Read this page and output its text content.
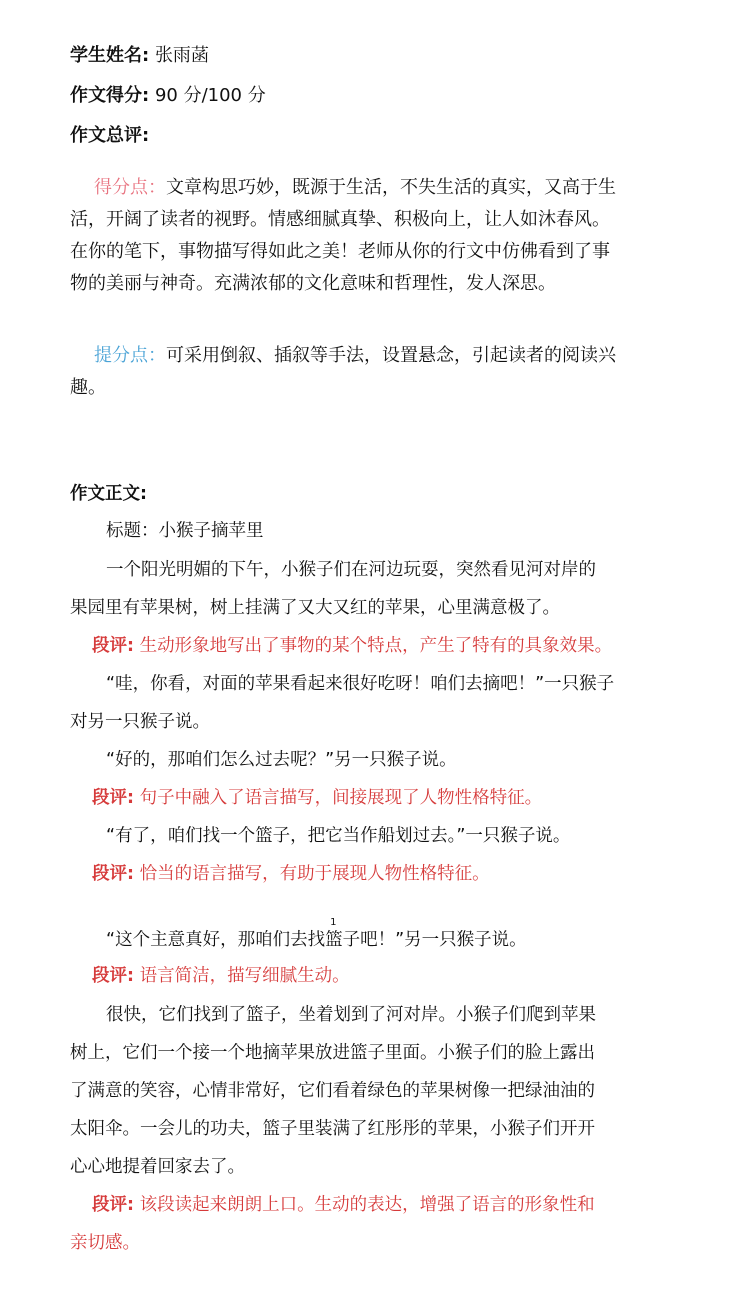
学生姓名: 张雨菡
作文得分: 90 分/100 分
作文总评:
得分点：文章构思巧妙，既源于生活，不失生活的真实，又高于生
活，开阔了读者的视野。情感细腻真挚、积极向上，让人如沐春风。
在你的笔下，事物描写得如此之美！老师从你的行文中仿佛看到了事
物的美丽与神奇。充满浓郁的文化意味和哲理性，发人深思。
提分点：可采用倒叙、插叙等手法，设置悬念，引起读者的阅读兴
趣。
作文正文:
标题：小猴子摘苹里
一个阳光明媚的下午，小猴子们在河边玩耍，突然看见河对岸的
果园里有苹果树，树上挂满了又大又红的苹果，心里满意极了。
段评: 生动形象地写出了事物的某个特点，产生了特有的具象效果。
“哇，你看，对面的苹果看起来很好吃呀！咱们去摘吧！”一只猴子
对另一只猴子说。
“好的，那咱们怎么过去呢？”另一只猴子说。
段评: 句子中融入了语言描写，间接展现了人物性格特征。
“有了，咱们找一个篮子，把它当作船划过去。”一只猴子说。
段评: 恰当的语言描写，有助于展现人物性格特征。
“这个主意真好，那咱们去找
1
篮子吧！”另一只猴子说。
段评: 语言简洁，描写细腻生动。
很快，它们找到了篮子，坐着划到了河对岸。小猴子们爬到苹果
树上，它们一个接一个地摘苹果放进篮子里面。小猴子们的脸上露出
了满意的笑容，心情非常好，它们看着绿色的苹果树像一把绿油油的
太阳伞。一会儿的功夫，篮子里装满了红彤彤的苹果，小猴子们开开
心心地提着回家去了。
段评: 该段读起来朗朗上口。生动的表达，增强了语言的形象性和
亲切感。
